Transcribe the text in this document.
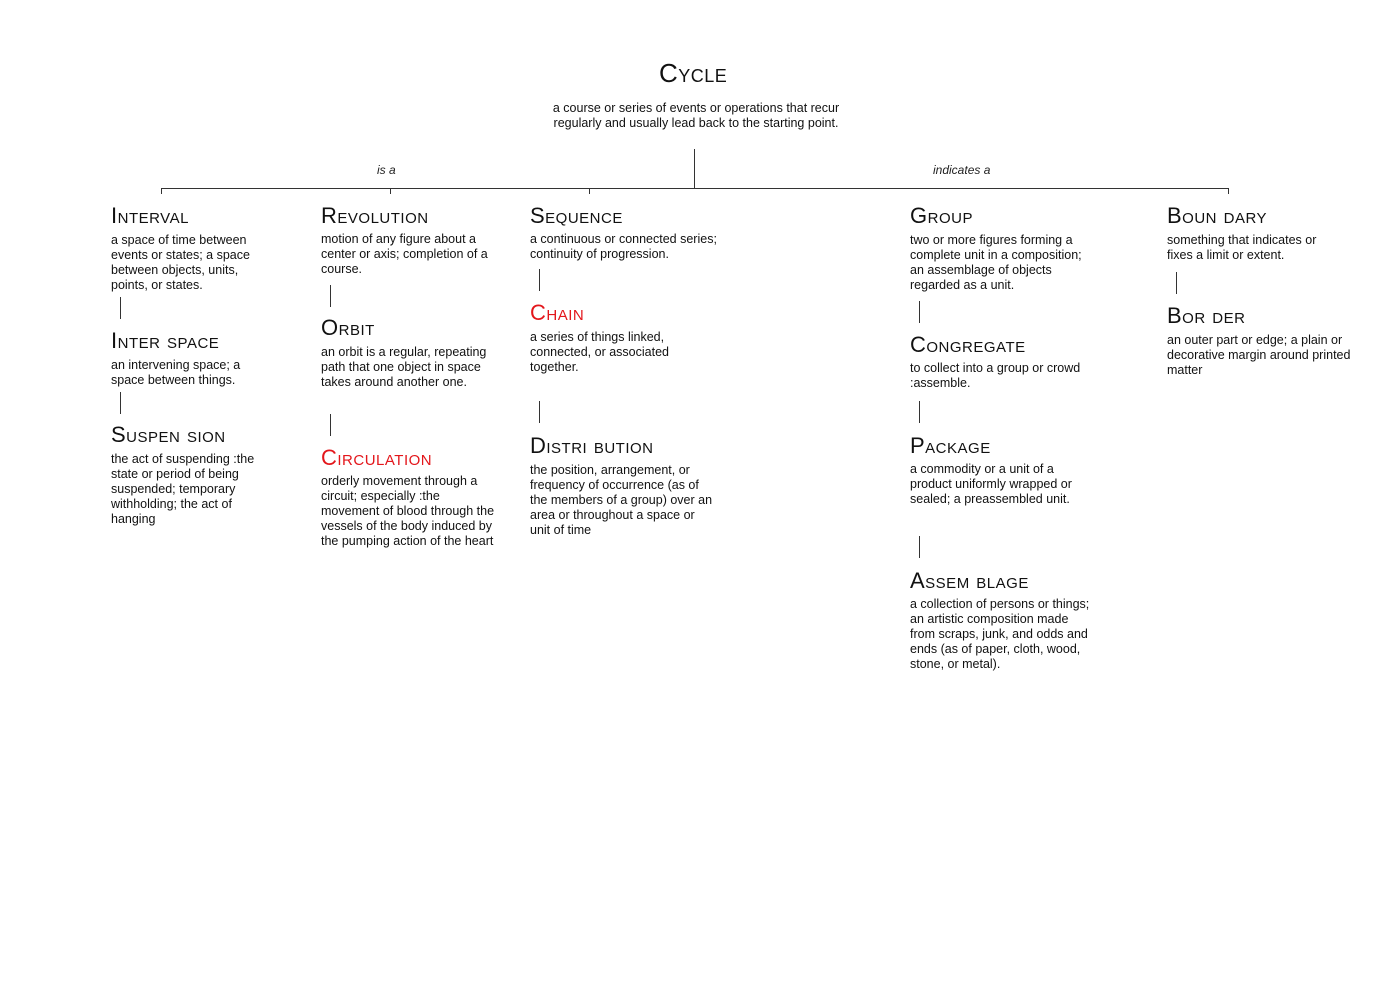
Cycle
a course or series of events or operations that recur regularly and usually lead back to the starting point.
is a	indicates a
Interval
a space of time between events or states; a space between objects, units, points, or states.
Inter space
an intervening space; a space between things.
Suspen sion
the act of suspending :the state or period of being suspended; temporary withholding; the act of hanging
Revolution
motion of any figure about a center or axis; completion of a course.
Orbit
an orbit is a regular, repeating path that one object in space takes around another one.
Circulation
orderly movement through a circuit; especially :the movement of blood through the vessels of the body induced by the pumping action of the heart
Sequence
a continuous or connected series; continuity of progression.
Chain
a series of things linked, connected, or associated together.
Distri bution
the position, arrangement, or frequency of occurrence (as of the members of a group) over an area or throughout a space or unit of time
Group
two or more figures forming a complete unit in a composition; an assemblage of objects regarded as a unit.
Congregate
to collect into a group or crowd :assemble.
Package
a commodity or a unit of a product uniformly wrapped or sealed; a preassembled unit.
Assem blage
a collection of persons or things; an artistic composition made from scraps, junk, and odds and ends (as of paper, cloth, wood, stone, or metal).
Boun dary
something that indicates or fixes a limit or extent.
Bor der
an outer part or edge; a plain or decorative margin around printed matter
